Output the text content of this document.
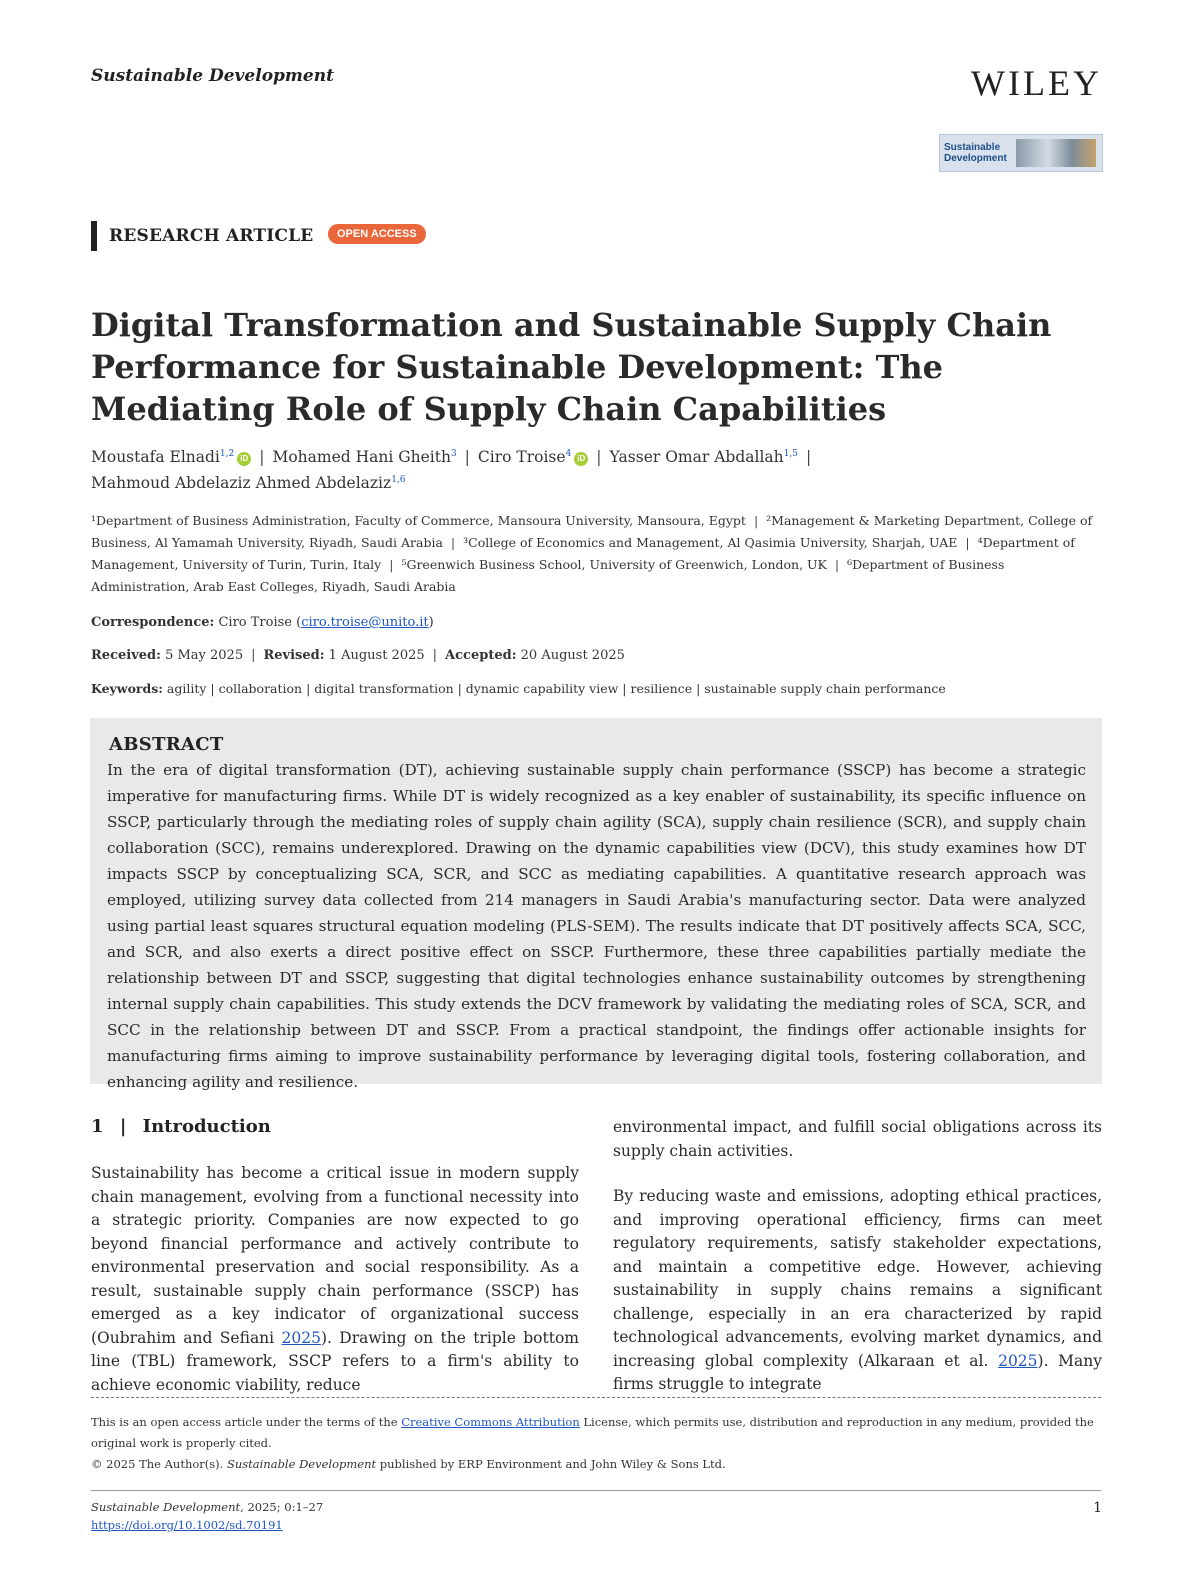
Sustainable Development	WILEY
Sustainable Development
RESEARCH ARTICLE	OPEN ACCESS
Digital Transformation and Sustainable Supply Chain Performance for Sustainable Development: The Mediating Role of Supply Chain Capabilities
Moustafa Elnadi$^{1,2}$ iD | Mohamed Hani Gheith$^3$ | Ciro Troise$^4$ iD | Yasser Omar Abdallah$^{1,5}$ |
Mahmoud Abdelaziz Ahmed Abdelaziz$^{1,6}$
¹Department of Business Administration, Faculty of Commerce, Mansoura University, Mansoura, Egypt | ²Management & Marketing Department, College of Business, Al Yamamah University, Riyadh, Saudi Arabia | ³College of Economics and Management, Al Qasimia University, Sharjah, UAE | ⁴Department of Management, University of Turin, Turin, Italy | ⁵Greenwich Business School, University of Greenwich, London, UK | ⁶Department of Business Administration, Arab East Colleges, Riyadh, Saudi Arabia
Correspondence: Ciro Troise (ciro.troise@unito.it)
Received: 5 May 2025 | Revised: 1 August 2025 | Accepted: 20 August 2025
Keywords: agility | collaboration | digital transformation | dynamic capability view | resilience | sustainable supply chain performance
ABSTRACT
In the era of digital transformation (DT), achieving sustainable supply chain performance (SSCP) has become a strategic imperative for manufacturing firms. While DT is widely recognized as a key enabler of sustainability, its specific influence on SSCP, particularly through the mediating roles of supply chain agility (SCA), supply chain resilience (SCR), and supply chain collaboration (SCC), remains underexplored. Drawing on the dynamic capabilities view (DCV), this study examines how DT impacts SSCP by conceptualizing SCA, SCR, and SCC as mediating capabilities. A quantitative research approach was employed, utilizing survey data collected from 214 managers in Saudi Arabia's manufacturing sector. Data were analyzed using partial least squares structural equation modeling (PLS-SEM). The results indicate that DT positively affects SCA, SCC, and SCR, and also exerts a direct positive effect on SSCP. Furthermore, these three capabilities partially mediate the relationship between DT and SSCP, suggesting that digital technologies enhance sustainability outcomes by strengthening internal supply chain capabilities. This study extends the DCV framework by validating the mediating roles of SCA, SCR, and SCC in the relationship between DT and SSCP. From a practical standpoint, the findings offer actionable insights for manufacturing firms aiming to improve sustainability performance by leveraging digital tools, fostering collaboration, and enhancing agility and resilience.
1 | Introduction

Sustainability has become a critical issue in modern supply chain management, evolving from a functional necessity into a strategic priority. Companies are now expected to go beyond financial performance and actively contribute to environmental preservation and social responsibility. As a result, sustainable supply chain performance (SSCP) has emerged as a key indicator of organizational success (Oubrahim and Sefiani 2025). Drawing on the triple bottom line (TBL) framework, SSCP refers to a firm's ability to achieve economic viability, reduce

environmental impact, and fulfill social obligations across its supply chain activities.

By reducing waste and emissions, adopting ethical practices, and improving operational efficiency, firms can meet regulatory requirements, satisfy stakeholder expectations, and maintain a competitive edge. However, achieving sustainability in supply chains remains a significant challenge, especially in an era characterized by rapid technological advancements, evolving market dynamics, and increasing global complexity (Alkaraan et al. 2025). Many firms struggle to integrate

This is an open access article under the terms of the Creative Commons Attribution License, which permits use, distribution and reproduction in any medium, provided the original work is properly cited.
© 2025 The Author(s). Sustainable Development published by ERP Environment and John Wiley & Sons Ltd.
Sustainable Development, 2025; 0:1–27
https://doi.org/10.1002/sd.70191
1
